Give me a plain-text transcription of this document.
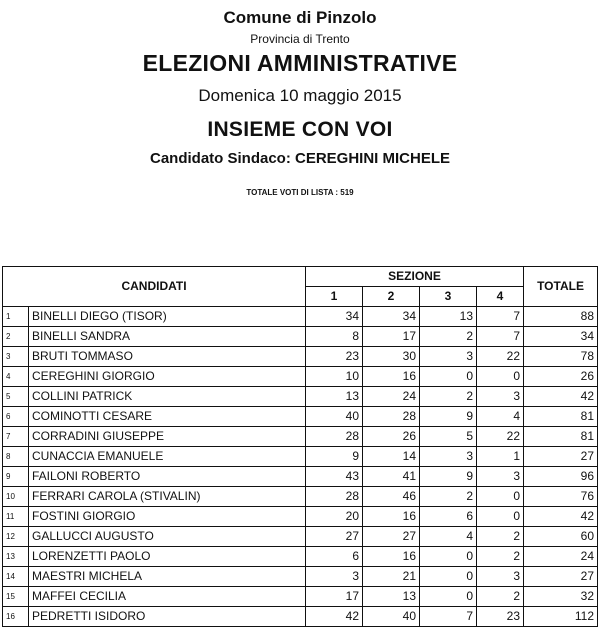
Comune di Pinzolo
Provincia di Trento
ELEZIONI AMMINISTRATIVE
Domenica 10 maggio 2015
INSIEME CON VOI
Candidato Sindaco: CEREGHINI MICHELE
TOTALE VOTI DI LISTA : 519
CANDIDATI		SEZIONE				TOTALE
		1	2	3	4	
1	BINELLI DIEGO (TISOR)	34	34	13	7	88
2	BINELLI SANDRA	8	17	2	7	34
3	BRUTI TOMMASO	23	30	3	22	78
4	CEREGHINI GIORGIO	10	16	0	0	26
5	COLLINI PATRICK	13	24	2	3	42
6	COMINOTTI CESARE	40	28	9	4	81
7	CORRADINI GIUSEPPE	28	26	5	22	81
8	CUNACCIA EMANUELE	9	14	3	1	27
9	FAILONI ROBERTO	43	41	9	3	96
10	FERRARI CAROLA (STIVALIN)	28	46	2	0	76
11	FOSTINI GIORGIO	20	16	6	0	42
12	GALLUCCI AUGUSTO	27	27	4	2	60
13	LORENZETTI PAOLO	6	16	0	2	24
14	MAESTRI MICHELA	3	21	0	3	27
15	MAFFEI CECILIA	17	13	0	2	32
16	PEDRETTI ISIDORO	42	40	7	23	112
